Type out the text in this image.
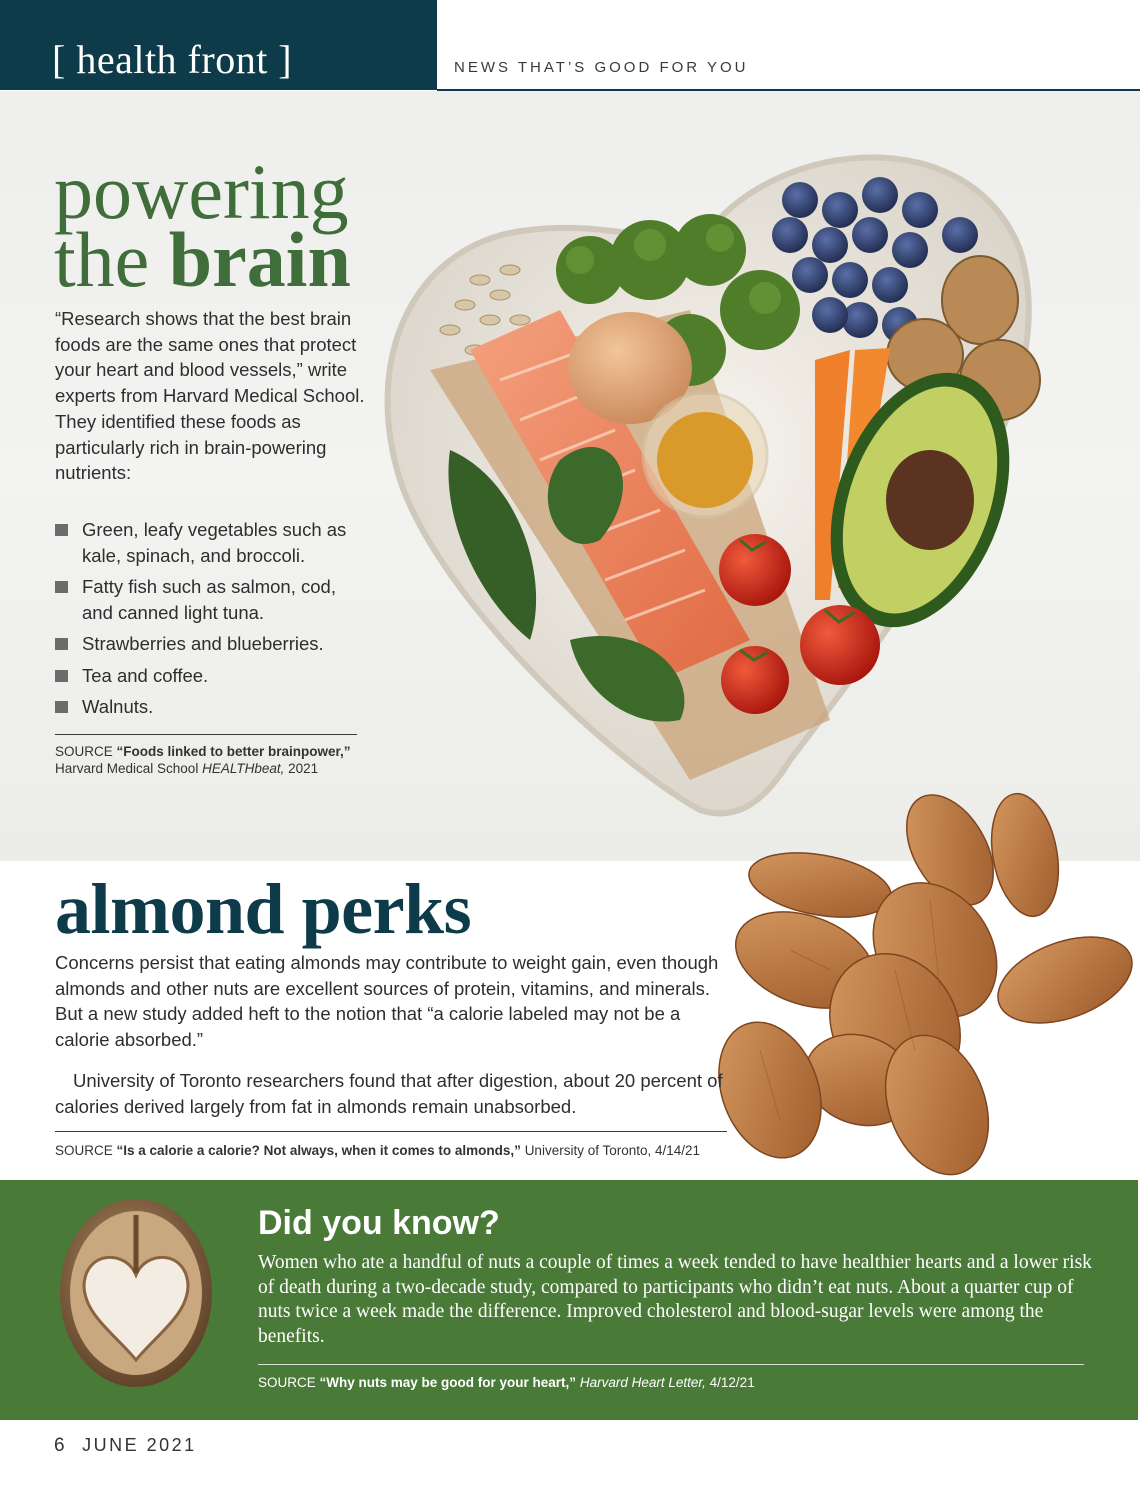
[ health front ]	NEWS THAT’S GOOD FOR YOU
powering
the brain
“Research shows that the best brain foods are the same ones that protect your heart and blood vessels,” write experts from Harvard Medical School. They identified these foods as particularly rich in brain-powering nutrients:
Green, leafy vegetables such as kale, spinach, and broccoli.
Fatty fish such as salmon, cod, and canned light tuna.
Strawberries and blueberries.
Tea and coffee.
Walnuts.
SOURCE “Foods linked to better brainpower,”
Harvard Medical School HEALTHbeat, 2021
almond perks
Concerns persist that eating almonds may contribute to weight gain, even though almonds and other nuts are excellent sources of protein, vitamins, and minerals. But a new study added heft to the notion that “a calorie labeled may not be a calorie absorbed.”
University of Toronto researchers found that after digestion, about 20 percent of calories derived largely from fat in almonds remain unabsorbed.
SOURCE “Is a calorie a calorie? Not always, when it comes to almonds,” University of Toronto, 4/14/21
Did you know?
Women who ate a handful of nuts a couple of times a week tended to have healthier hearts and a lower risk of death during a two-decade study, compared to participants who didn’t eat nuts. About a quarter cup of nuts twice a week made the difference. Improved cholesterol and blood-sugar levels were among the benefits.
SOURCE “Why nuts may be good for your heart,” Harvard Heart Letter, 4/12/21
6 JUNE 2021
